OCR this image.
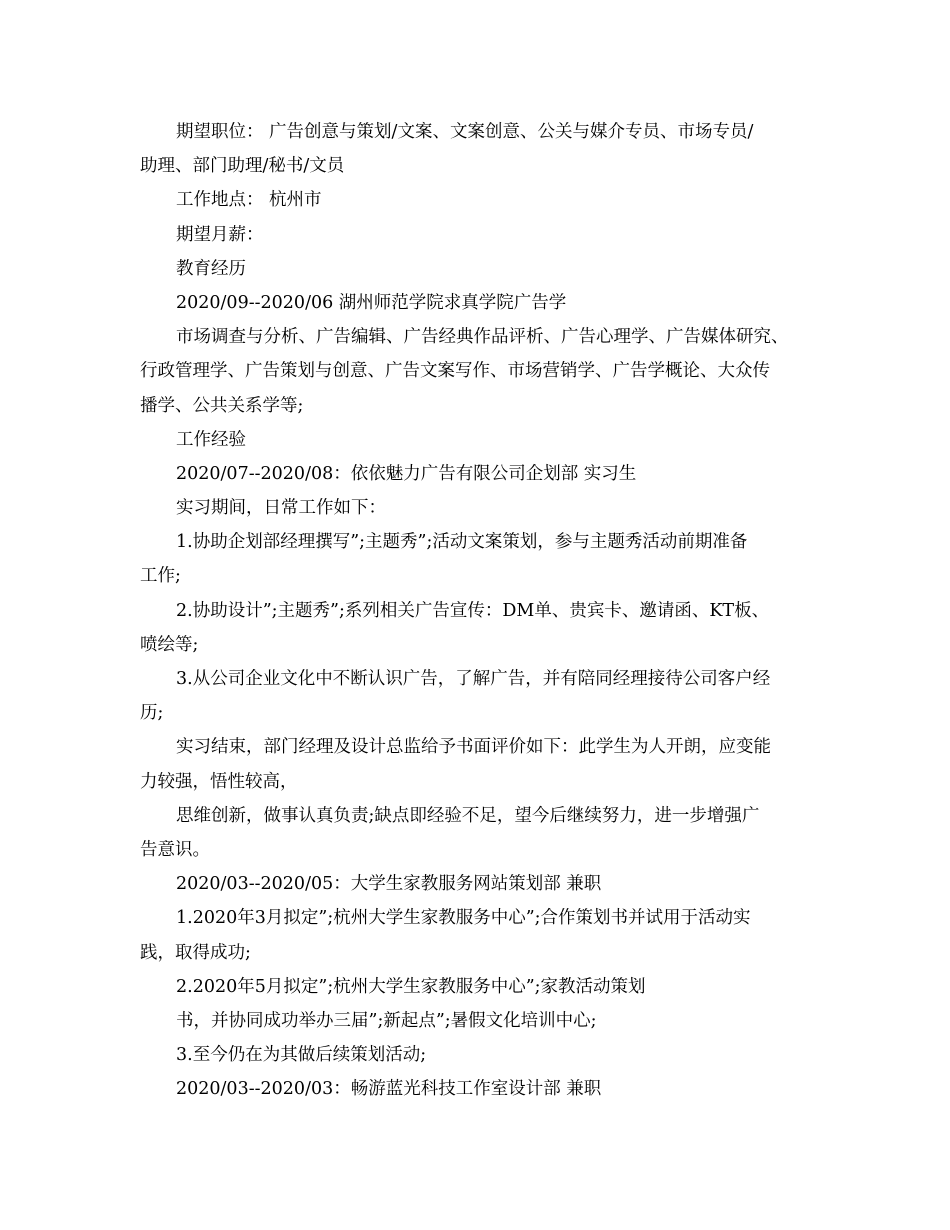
期望职位： 广告创意与策划/文案、文案创意、公关与媒介专员、市场专员/
助理、部门助理/秘书/文员
工作地点： 杭州市
期望月薪：
教育经历
2020/09--2020/06 湖州师范学院求真学院广告学
市场调查与分析、广告编辑、广告经典作品评析、广告心理学、广告媒体研究、
行政管理学、广告策划与创意、广告文案写作、市场营销学、广告学概论、大众传
播学、公共关系学等;
工作经验
2020/07--2020/08：依依魅力广告有限公司企划部 实习生
实习期间，日常工作如下：
1.协助企划部经理撰写”;主题秀”;活动文案策划，参与主题秀活动前期准备
工作;
2.协助设计”;主题秀”;系列相关广告宣传：DM单、贵宾卡、邀请函、KT板、
喷绘等;
3.从公司企业文化中不断认识广告，了解广告，并有陪同经理接待公司客户经
历;
实习结束，部门经理及设计总监给予书面评价如下：此学生为人开朗，应变能
力较强，悟性较高，
思维创新，做事认真负责;缺点即经验不足，望今后继续努力，进一步增强广
告意识。
2020/03--2020/05：大学生家教服务网站策划部 兼职
1.2020年3月拟定”;杭州大学生家教服务中心”;合作策划书并试用于活动实
践，取得成功;
2.2020年5月拟定”;杭州大学生家教服务中心”;家教活动策划
书，并协同成功举办三届”;新起点”;暑假文化培训中心;
3.至今仍在为其做后续策划活动;
2020/03--2020/03：畅游蓝光科技工作室设计部 兼职
